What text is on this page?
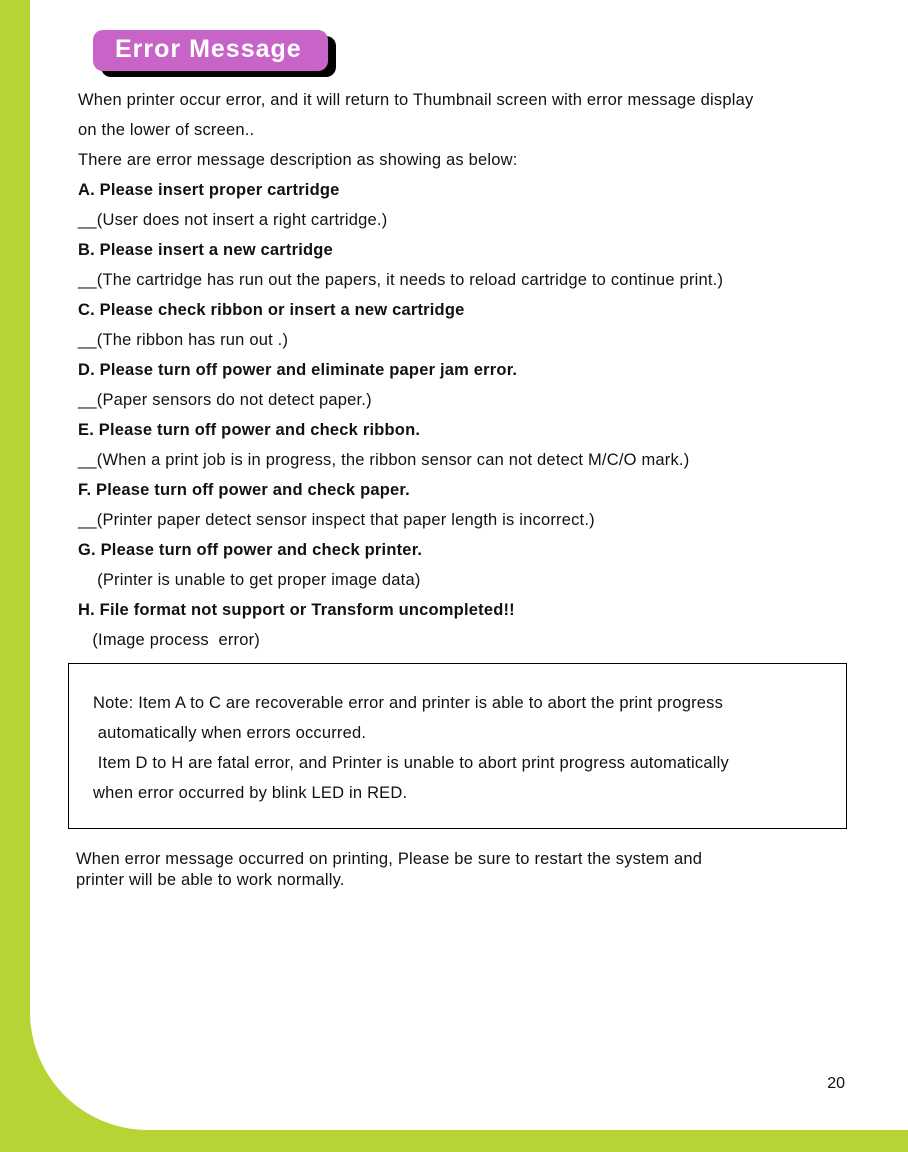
Error Message
When printer occur error, and it will return to Thumbnail screen with error message display
on the lower of screen..
There are error message description as showing as below:
A. Please insert proper cartridge
__(User does not insert a right cartridge.)
B. Please insert a new cartridge
__(The cartridge has run out the papers, it needs to reload cartridge to continue print.)
C. Please check ribbon or insert a new cartridge
__(The ribbon has run out .)
D. Please turn off power and eliminate paper jam error.
__(Paper sensors do not detect paper.)
E. Please turn off power and check ribbon.
__(When a print job is in progress, the ribbon sensor can not detect M/C/O mark.)
F. Please turn off power and check paper.
__(Printer paper detect sensor inspect that paper length is incorrect.)
G. Please turn off power and check printer.
(Printer is unable to get proper image data)
H. File format not support or Transform uncompleted!!
(Image process  error)
Note: Item A to C are recoverable error and printer is able to abort the print progress
automatically when errors occurred.
Item D to H are fatal error, and Printer is unable to abort print progress automatically
when error occurred by blink LED in RED.
When error message occurred on printing, Please be sure to restart the system and
printer will be able to work normally.
20
